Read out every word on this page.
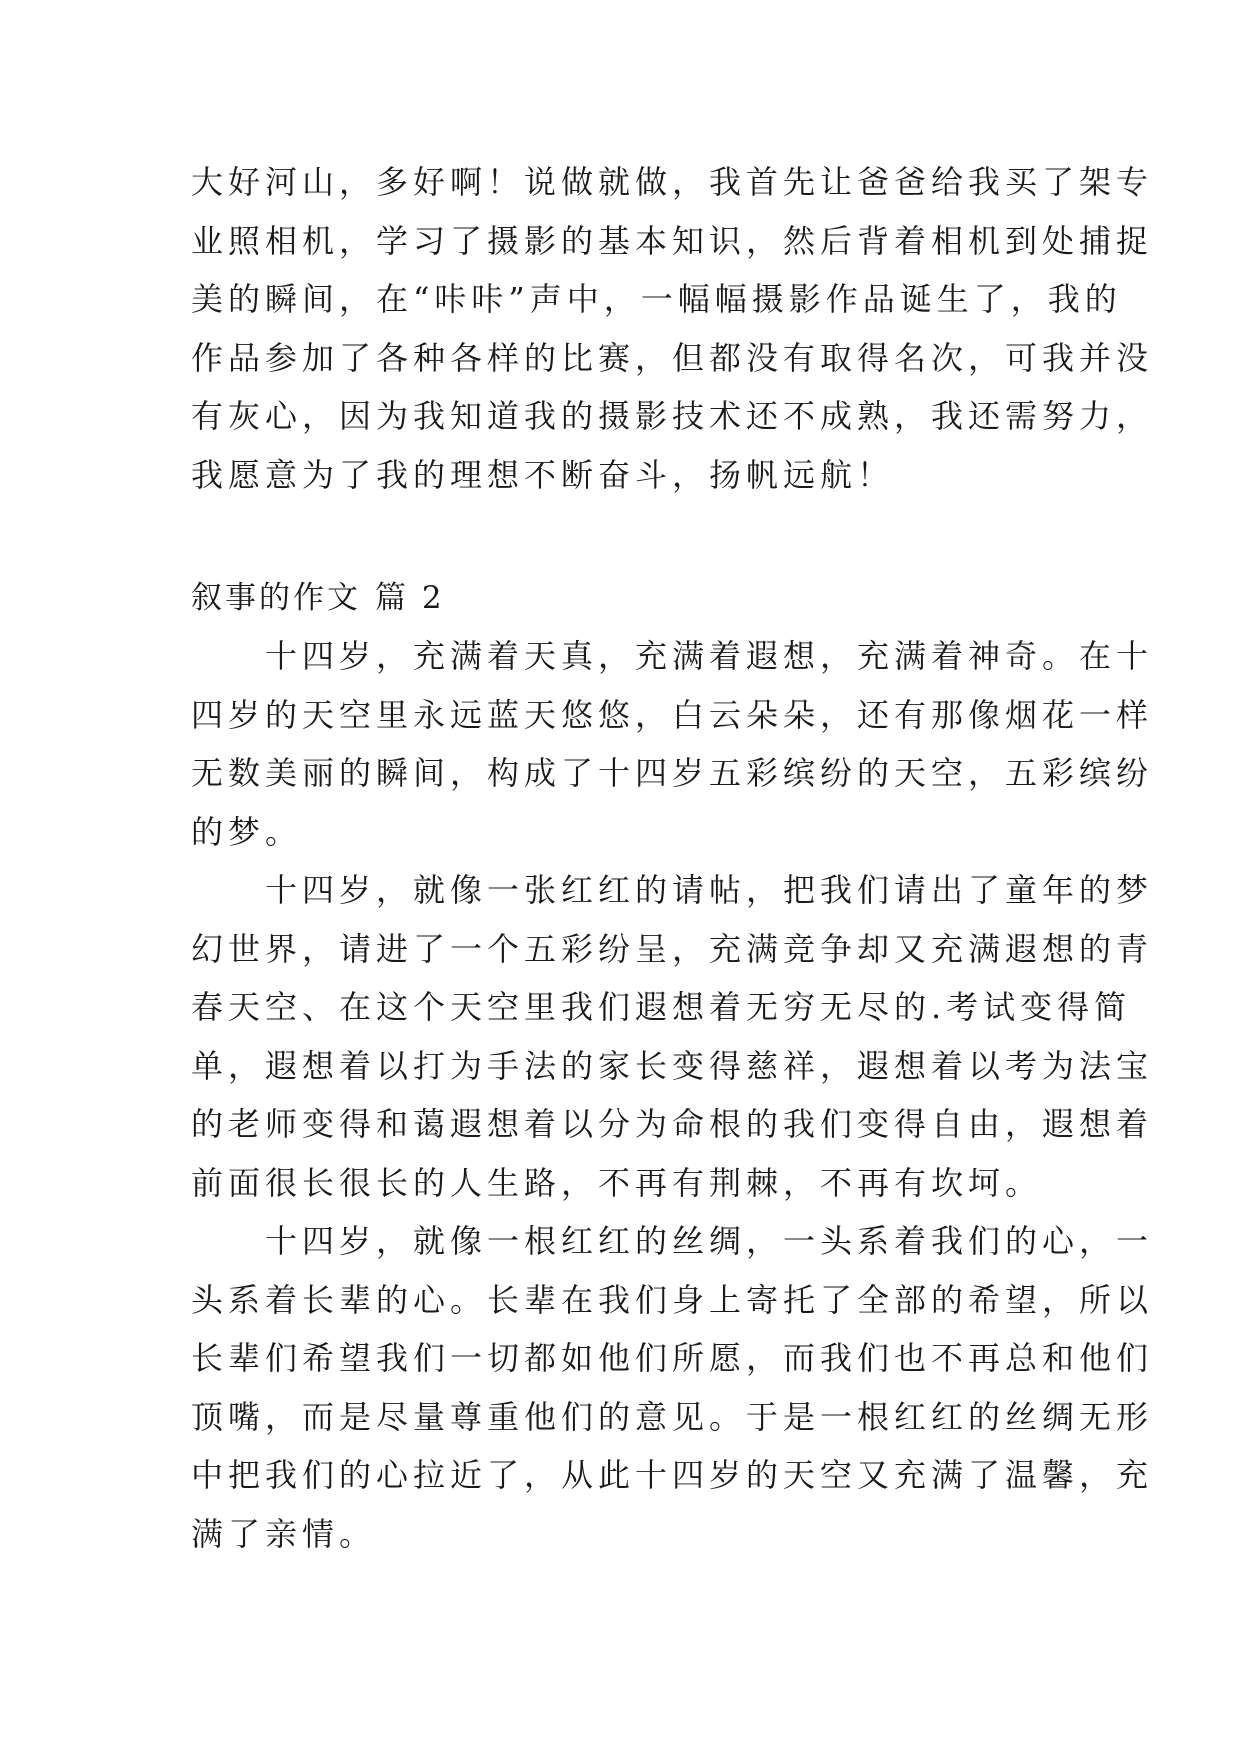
大好河山，多好啊！说做就做，我首先让爸爸给我买了架专
业照相机，学习了摄影的基本知识，然后背着相机到处捕捉
美的瞬间，在“咔咔”声中，一幅幅摄影作品诞生了，我的
作品参加了各种各样的比赛，但都没有取得名次，可我并没
有灰心，因为我知道我的摄影技术还不成熟，我还需努力，
我愿意为了我的理想不断奋斗，扬帆远航！
叙事的作文 篇 2
十四岁，充满着天真，充满着遐想，充满着神奇。在十
四岁的天空里永远蓝天悠悠，白云朵朵，还有那像烟花一样
无数美丽的瞬间，构成了十四岁五彩缤纷的天空，五彩缤纷
的梦。
十四岁，就像一张红红的请帖，把我们请出了童年的梦
幻世界，请进了一个五彩纷呈，充满竞争却又充满遐想的青
春天空、在这个天空里我们遐想着无穷无尽的.考试变得简
单，遐想着以打为手法的家长变得慈祥，遐想着以考为法宝
的老师变得和蔼遐想着以分为命根的我们变得自由，遐想着
前面很长很长的人生路，不再有荆棘，不再有坎坷。
十四岁，就像一根红红的丝绸，一头系着我们的心，一
头系着长辈的心。长辈在我们身上寄托了全部的希望，所以
长辈们希望我们一切都如他们所愿，而我们也不再总和他们
顶嘴，而是尽量尊重他们的意见。于是一根红红的丝绸无形
中把我们的心拉近了，从此十四岁的天空又充满了温馨，充
满了亲情。
